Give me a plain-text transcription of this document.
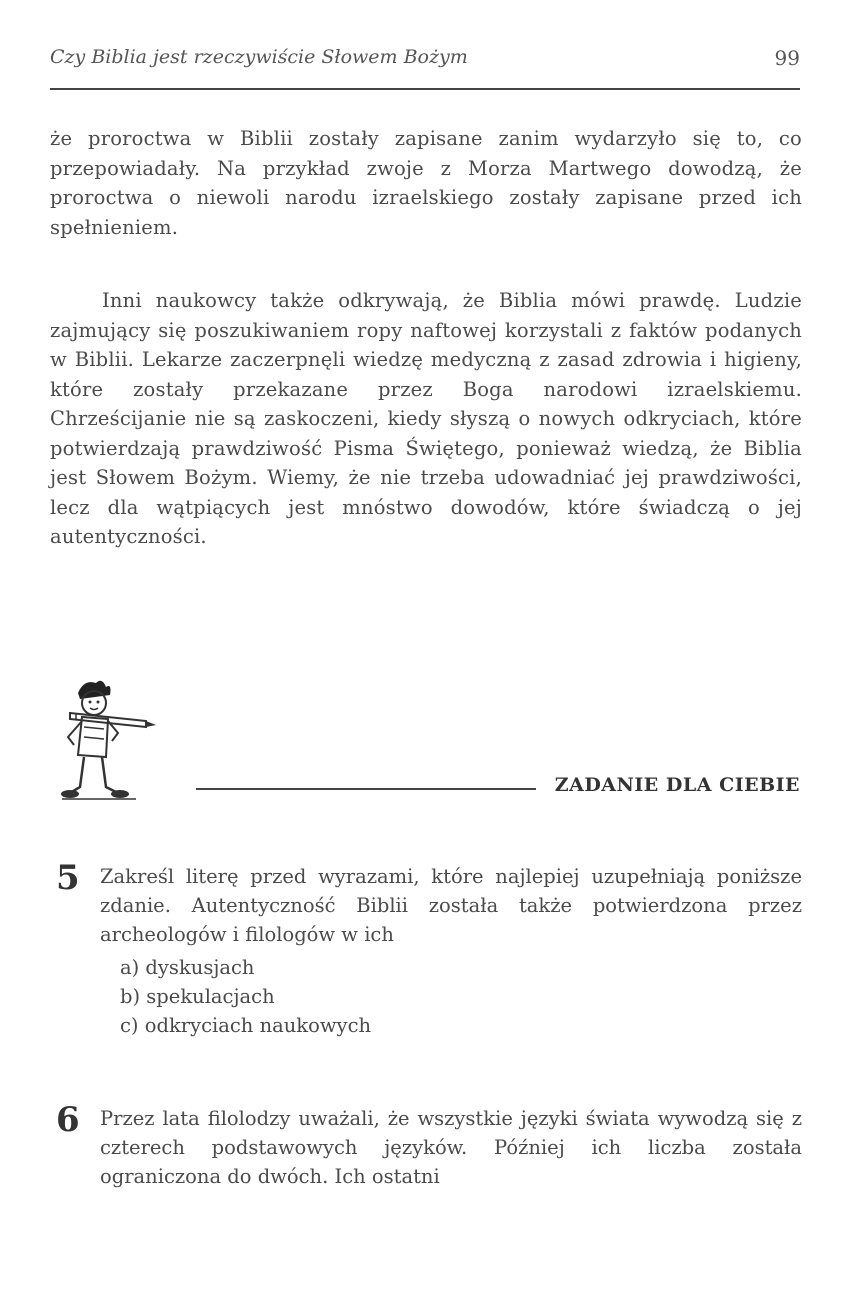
Czy Biblia jest rzeczywiście Słowem Bożym	99

że proroctwa w Biblii zostały zapisane zanim wydarzyło się to, co przepowiadały. Na przykład zwoje z Morza Martwego dowodzą, że proroctwa o niewoli narodu izraelskiego zostały zapisane przed ich spełnieniem.

Inni naukowcy także odkrywają, że Biblia mówi prawdę. Ludzie zajmujący się poszukiwaniem ropy naftowej korzystali z faktów podanych w Biblii. Lekarze zaczerpnęli wiedzę medyczną z zasad zdrowia i higieny, które zostały przekazane przez Boga narodowi izraelskiemu. Chrześcijanie nie są zaskoczeni, kiedy słyszą o nowych odkryciach, które potwierdzają prawdziwość Pisma Świętego, ponieważ wiedzą, że Biblia jest Słowem Bożym. Wiemy, że nie trzeba udowadniać jej prawdziwości, lecz dla wątpiących jest mnóstwo dowodów, które świadczą o jej autentyczności.

ZADANIE DLA CIEBIE
5 Zakreśl literę przed wyrazami, które najlepiej uzupełniają poniższe zdanie. Autentyczność Biblii została także potwierdzona przez archeologów i filologów w ich
a) dyskusjach
b) spekulacjach
c) odkryciach naukowych
6 Przez lata filolodzy uważali, że wszystkie języki świata wywodzą się z czterech podstawowych języków. Później ich liczba została ograniczona do dwóch. Ich ostatni
